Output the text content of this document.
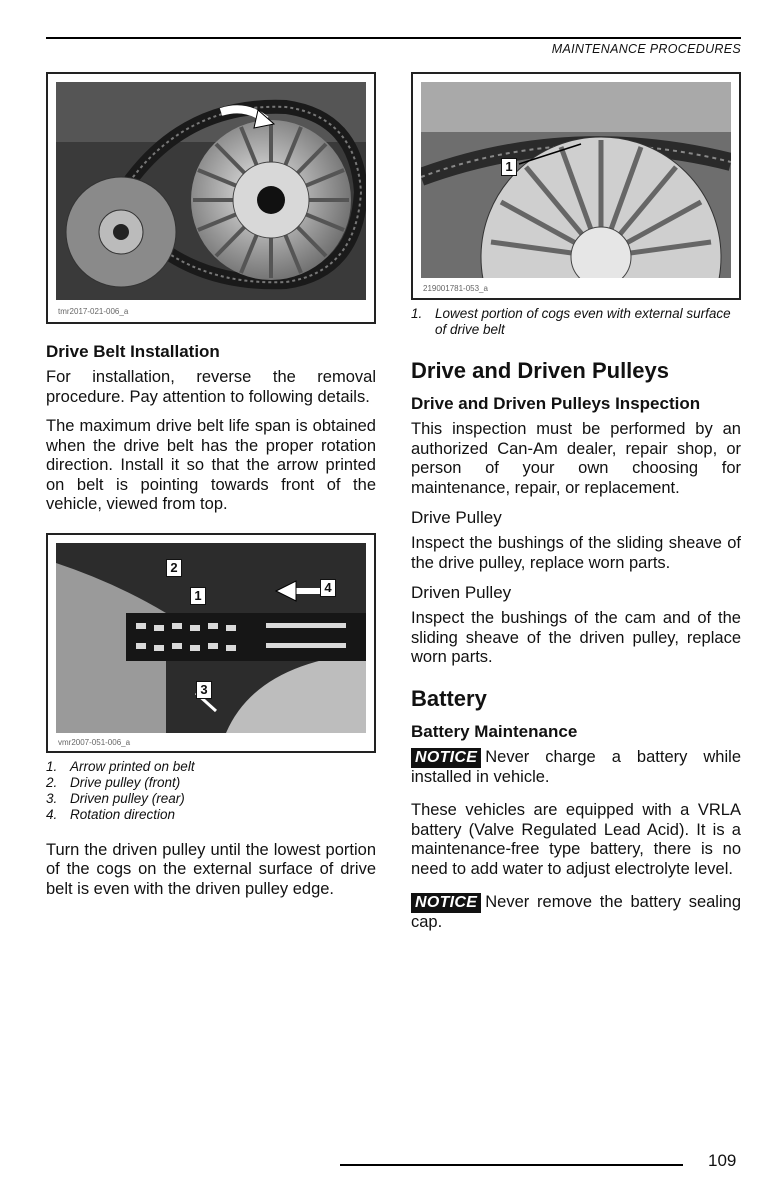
MAINTENANCE PROCEDURES
tmr2017-021-006_a
Drive Belt Installation

For installation, reverse the removal procedure. Pay attention to following details.

The maximum drive belt life span is obtained when the drive belt has the proper rotation direction. Install it so that the arrow printed on belt is pointing towards front of the vehicle, viewed from top.

2
1
3
4
vmr2007-051-006_a
1. Arrow printed on belt
2. Drive pulley (front)
3. Driven pulley (rear)
4. Rotation direction

Turn the driven pulley until the lowest portion of the cogs on the external surface of drive belt is even with the driven pulley edge.

1
219001781-053_a
1. Lowest portion of cogs even with external surface of drive belt
Drive and Driven Pulleys
Drive and Driven Pulleys Inspection

This inspection must be performed by an authorized Can-Am dealer, repair shop, or person of your own choosing for maintenance, repair, or replacement.

Drive Pulley

Inspect the bushings of the sliding sheave of the drive pulley, replace worn parts.

Driven Pulley

Inspect the bushings of the cam and of the sliding sheave of the driven pulley, replace worn parts.

Battery
Battery Maintenance

NOTICE Never charge a battery while installed in vehicle.

These vehicles are equipped with a VRLA battery (Valve Regulated Lead Acid). It is a maintenance-free type battery, there is no need to add water to adjust electrolyte level.

NOTICE Never remove the battery sealing cap.

109
